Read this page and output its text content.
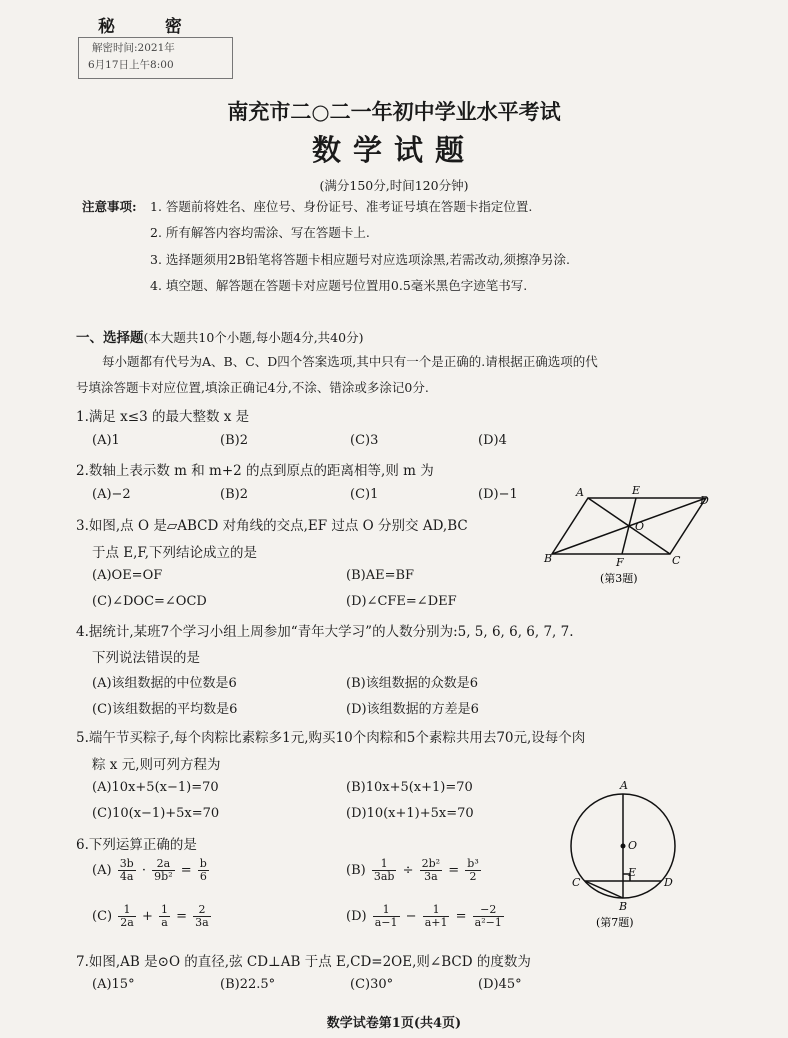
秘 密
解密时间:2021年
6月17日上午8:00
南充市二○二一年初中学业水平考试
数学试题
(满分150分,时间120分钟)
注意事项: 1. 答题前将姓名、座位号、身份证号、准考证号填在答题卡指定位置.
2. 所有解答内容均需涂、写在答题卡上.
3. 选择题须用2B铅笔将答题卡相应题号对应选项涂黑,若需改动,须擦净另涂.
4. 填空题、解答题在答题卡对应题号位置用0.5毫米黑色字迹笔书写.
一、选择题(本大题共10个小题,每小题4分,共40分)
每小题都有代号为A、B、C、D四个答案选项,其中只有一个是正确的.请根据正确选项的代
号填涂答题卡对应位置,填涂正确记4分,不涂、错涂或多涂记0分.
1.满足 x≤3 的最大整数 x 是
(A)1	(B)2	(C)3	(D)4
2.数轴上表示数 m 和 m+2 的点到原点的距离相等,则 m 为
(A)−2	(B)2	(C)1	(D)−1
3.如图,点 O 是▱ABCD 对角线的交点,EF 过点 O 分别交 AD,BC
于点 E,F,下列结论成立的是
(A)OE=OF	(B)AE=BF
(C)∠DOC=∠OCD	(D)∠CFE=∠DEF
A	E
D
O
B	F	C
(第3题)
4.据统计,某班7个学习小组上周参加“青年大学习”的人数分别为:5, 5, 6, 6, 6, 7, 7.
下列说法错误的是
(A)该组数据的中位数是6	(B)该组数据的众数是6
(C)该组数据的平均数是6	(D)该组数据的方差是6
5.端午节买粽子,每个肉粽比素粽多1元,购买10个肉粽和5个素粽共用去70元,设每个肉
粽 x 元,则可列方程为
(A)10x+5(x−1)=70	(B)10x+5(x+1)=70
(C)10(x−1)+5x=70	(D)10(x+1)+5x=70
6.下列运算正确的是
$(A) \frac{3b}{4a} \cdot \frac{2a}{\text{9b²}} = \frac{b}{6}$	$(B) \frac{1}{3ab} \div \frac{\text{2b²}}{3a} = \frac{\text{b³}}{2}$
$(C) \frac{1}{2a} + \frac{1}{a} = \frac{2}{3a}$	$(D) \frac{1}{a-1} - \frac{1}{a+1} = \frac{-2}{\text{a²−1}}$
A
O
E
C	D
B
(第7题)
7.如图,AB 是⊙O 的直径,弦 CD⊥AB 于点 E,CD=2OE,则∠BCD 的度数为
(A)15°	(B)22.5°	(C)30°	(D)45°
数学试卷第1页(共4页)
